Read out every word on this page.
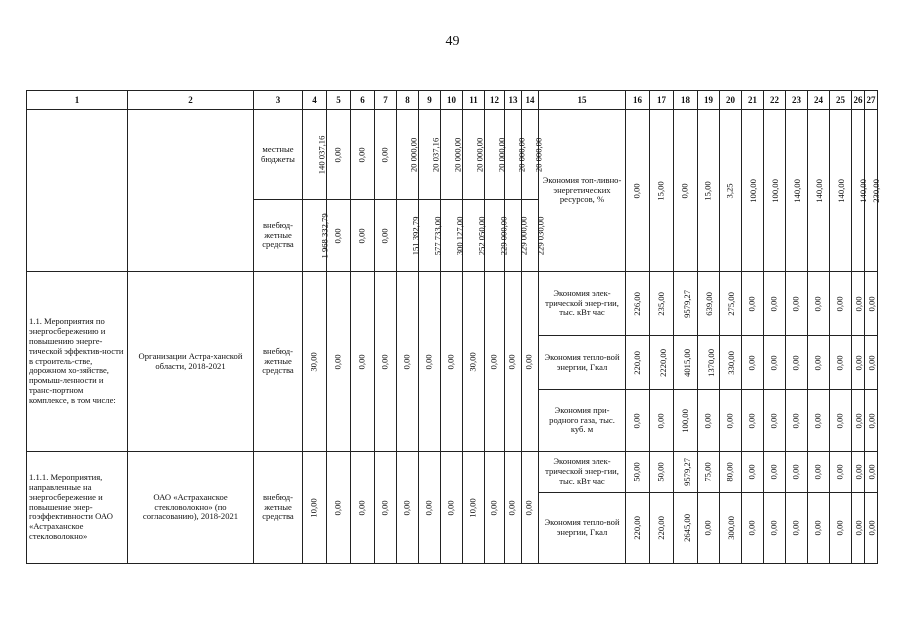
49
1	2	3	4	5	6	7	8	9	10	11	12	13	14	15	16	17	18	19	20	21	22	23	24	25	26	27
		местные бюджеты	140 037,16	0,00	0,00	0,00	20 000,00	20 037,16	20 000,00	20 000,00	20 000,00	20 000,00	20 000,00	Экономия топ-ливно-энергетических ресурсов, %	0,00	15,00	0,00	15,00	3,25	100,00	100,00	140,00	140,00	140,00	140,00	230,00
		внебюд-жетные средства	1 968 332,79	0,00	0,00	0,00	151 392,79	577 733,00	300 127,00	252 050,00	229 000,00	229 000,00	229 030,00													
1.1. Мероприятия по энергосбережению и повышению энерге-тической эффектив-ности в строитель-стве, дорожном хо-зяйстве, промыш-ленности и транс-портном комплексе, в том числе:	Организации Астра-ханской области, 2018-2021	внебюд-жетные средства	30,00	0,00	0,00	0,00	0,00	0,00	0,00	30,00	0,00	0,00	0,00	Экономия элек-трической энер-гии, тыс. кВт час	226,00	235,00	9579,27	639,00	275,00	0,00	0,00	0,00	0,00	0,00	0,00	0,00
														Экономия тепло-вой энергии, Гкал	220,00	2220,00	4015,00	1370,00	330,00	0,00	0,00	0,00	0,00	0,00	0,00	0,00
														Экономия при-родного газа, тыс. куб. м	0,00	0,00	100,00	0,00	0,00	0,00	0,00	0,00	0,00	0,00	0,00	0,00
1.1.1. Мероприятия, направленные на энергосбережение и повышение энер-гоэффективности ОАО «Астраханское стекловолокно»	ОАО «Астраханское стекловолокно» (по согласованию), 2018-2021	внебюд-жетные средства	10,00	0,00	0,00	0,00	0,00	0,00	0,00	10,00	0,00	0,00	0,00	Экономия элек-трической энер-гии, тыс. кВт час	50,00	50,00	9579,27	75,00	80,00	0,00	0,00	0,00	0,00	0,00	0,00	0,00
														Экономия тепло-вой энергии, Гкал	220,00	220,00	2645,00	0,00	300,00	0,00	0,00	0,00	0,00	0,00	0,00	0,00
